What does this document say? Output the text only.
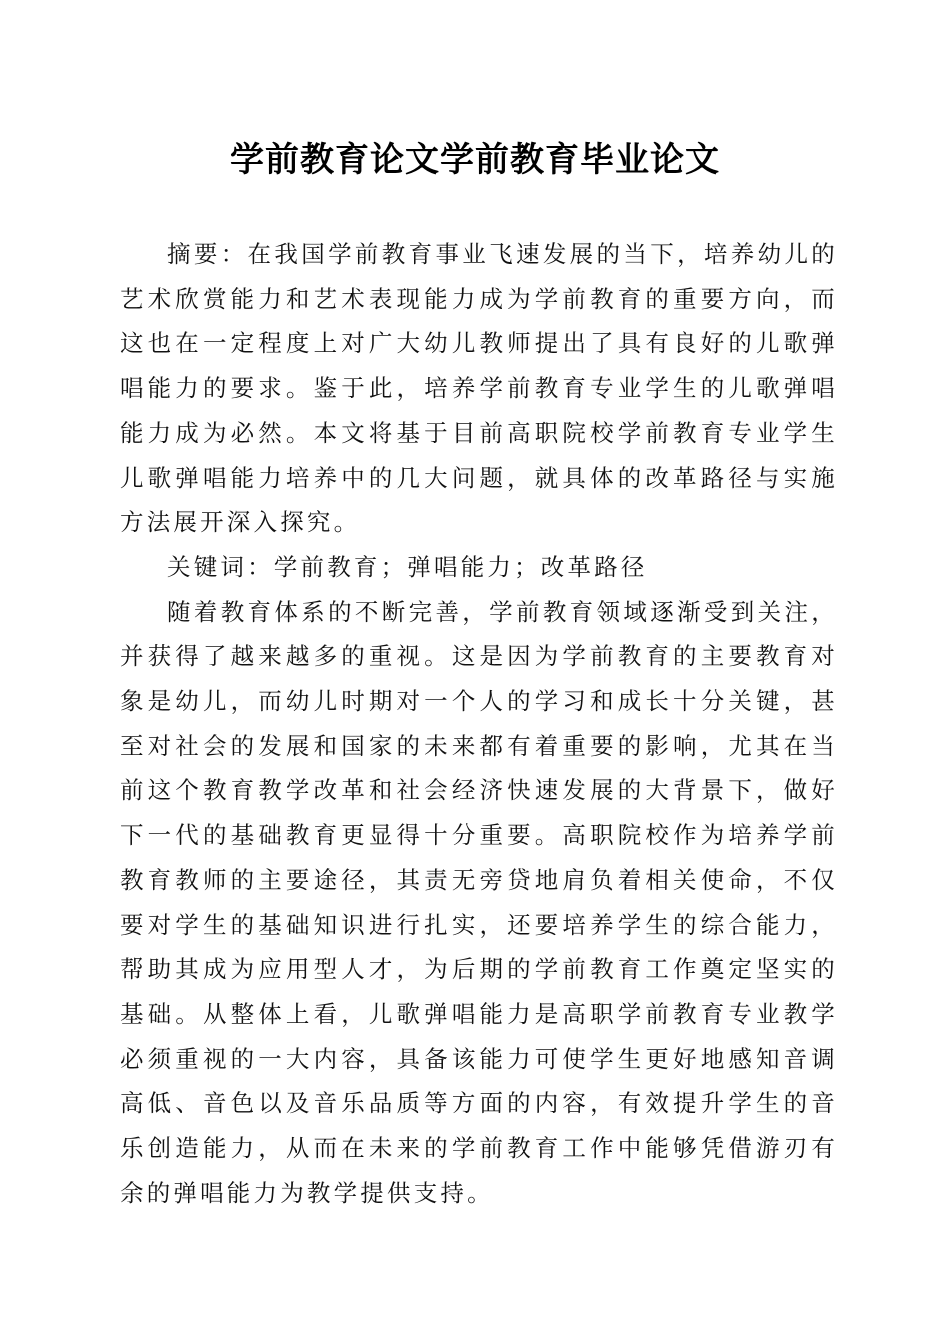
学前教育论文学前教育毕业论文

摘要：在我国学前教育事业飞速发展的当下，培养幼儿的艺术欣赏能力和艺术表现能力成为学前教育的重要方向，而这也在一定程度上对广大幼儿教师提出了具有良好的儿歌弹唱能力的要求。鉴于此，培养学前教育专业学生的儿歌弹唱能力成为必然。本文将基于目前高职院校学前教育专业学生儿歌弹唱能力培养中的几大问题，就具体的改革路径与实施方法展开深入探究。

关键词：学前教育；弹唱能力；改革路径

随着教育体系的不断完善，学前教育领域逐渐受到关注，并获得了越来越多的重视。这是因为学前教育的主要教育对象是幼儿，而幼儿时期对一个人的学习和成长十分关键，甚至对社会的发展和国家的未来都有着重要的影响，尤其在当前这个教育教学改革和社会经济快速发展的大背景下，做好下一代的基础教育更显得十分重要。高职院校作为培养学前教育教师的主要途径，其责无旁贷地肩负着相关使命，不仅要对学生的基础知识进行扎实，还要培养学生的综合能力，帮助其成为应用型人才，为后期的学前教育工作奠定坚实的基础。从整体上看，儿歌弹唱能力是高职学前教育专业教学必须重视的一大内容，具备该能力可使学生更好地感知音调高低、音色以及音乐品质等方面的内容，有效提升学生的音乐创造能力，从而在未来的学前教育工作中能够凭借游刃有余的弹唱能力为教学提供支持。
